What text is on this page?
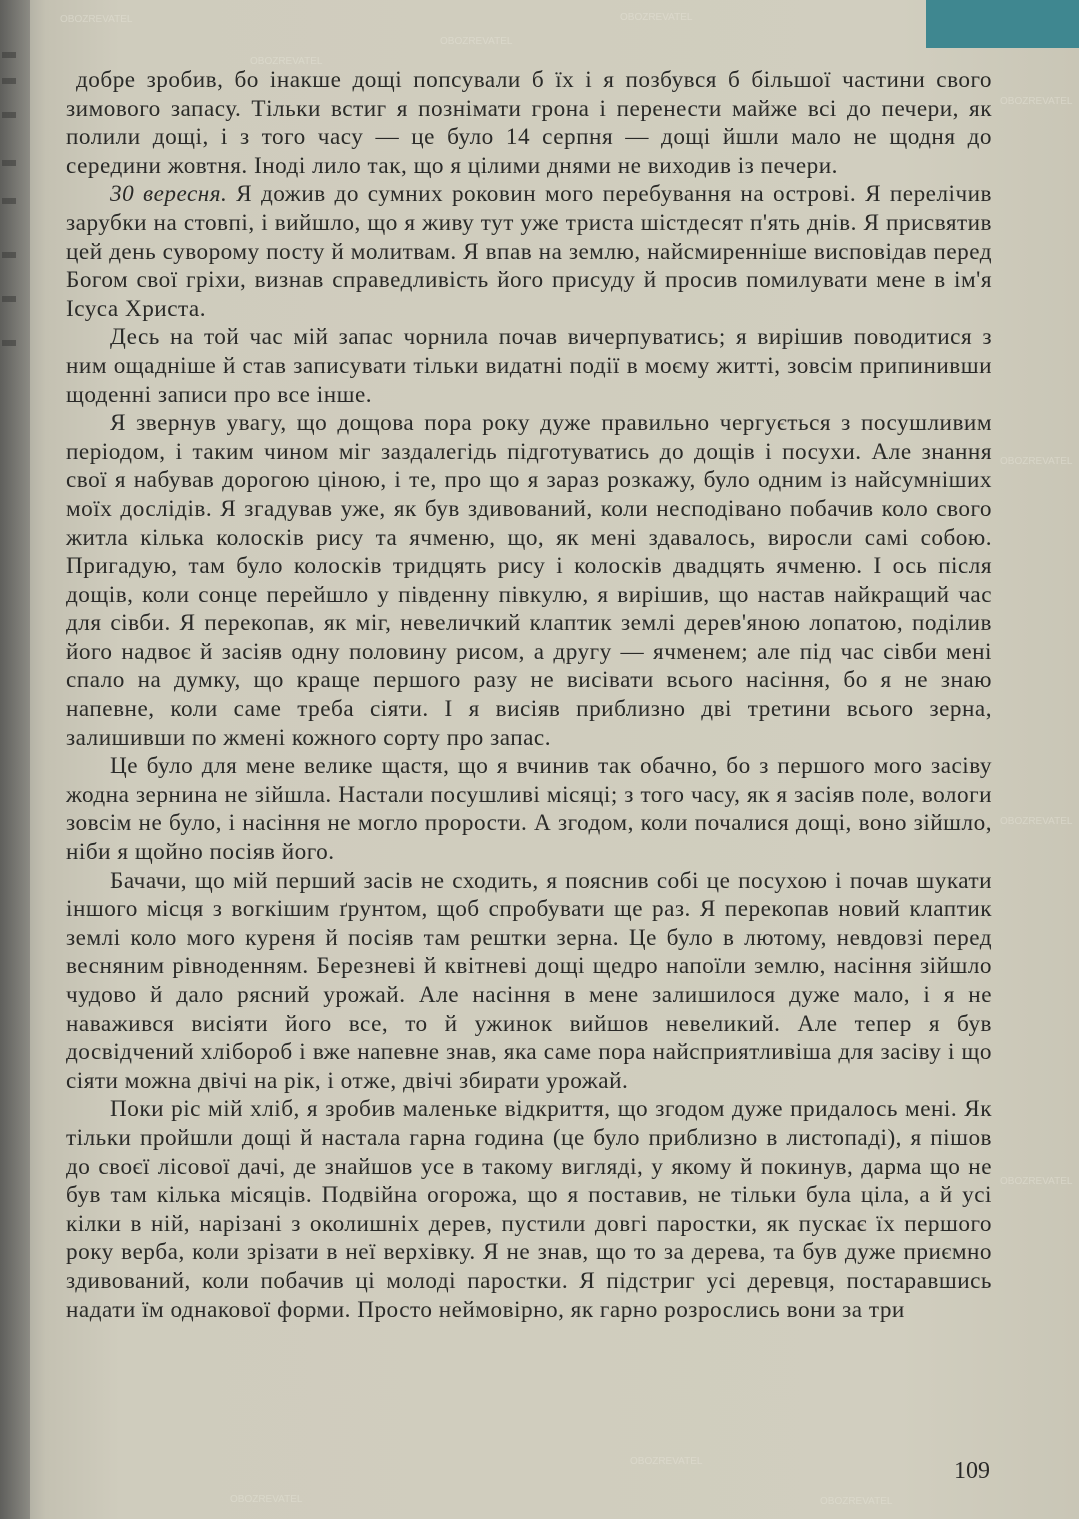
OBOZREVATEL
OBOZREVATEL
OBOZREVATEL
OBOZREVATEL
OBOZREVATEL
OBOZREVATEL
OBOZREVATEL
OBOZREVATEL
OBOZREVATEL
OBOZREVATEL
OBOZREVATEL

добре зробив, бо інакше дощі попсували б їх і я позбувся б більшої частини свого зимового запасу. Тільки встиг я познімати грона і перенести майже всі до печери, як полили дощі, і з того часу — це було 14 серпня — дощі йшли мало не щодня до середини жовтня. Іноді лило так, що я цілими днями не виходив із печери.

30 вересня. Я дожив до сумних роковин мого перебування на острові. Я перелічив зарубки на стовпі, і вийшло, що я живу тут уже триста шістдесят п'ять днів. Я присвятив цей день суворому посту й молитвам. Я впав на землю, найсмиренніше висповідав перед Богом свої гріхи, визнав справедливість його присуду й просив помилувати мене в ім'я Ісуса Христа.

Десь на той час мій запас чорнила почав вичерпуватись; я вирішив поводитися з ним ощадніше й став записувати тільки видатні події в моєму житті, зовсім припинивши щоденні записи про все інше.

Я звернув увагу, що дощова пора року дуже правильно чергується з посушливим періодом, і таким чином міг заздалегідь підготуватись до дощів і посухи. Але знання свої я набував дорогою ціною, і те, про що я зараз розкажу, було одним із найсумніших моїх дослідів. Я згадував уже, як був здивований, коли несподівано побачив коло свого житла кілька колосків рису та ячменю, що, як мені здавалось, виросли самі собою. Пригадую, там було колосків тридцять рису і колосків двадцять ячменю. І ось після дощів, коли сонце перейшло у південну півкулю, я вирішив, що настав найкращий час для сівби. Я перекопав, як міг, невеличкий клаптик землі дерев'яною лопатою, поділив його надвоє й засіяв одну половину рисом, а другу — ячменем; але під час сівби мені спало на думку, що краще першого разу не висівати всього насіння, бо я не знаю напевне, коли саме треба сіяти. І я висіяв приблизно дві третини всього зерна, залишивши по жмені кожного сорту про запас.

Це було для мене велике щастя, що я вчинив так обачно, бо з першого мого засіву жодна зернина не зійшла. Настали посушливі місяці; з того часу, як я засіяв поле, вологи зовсім не було, і насіння не могло прорости. А згодом, коли почалися дощі, воно зійшло, ніби я щойно посіяв його.

Бачачи, що мій перший засів не сходить, я пояснив собі це посухою і почав шукати іншого місця з вогкішим ґрунтом, щоб спробувати ще раз. Я перекопав новий клаптик землі коло мого куреня й посіяв там рештки зерна. Це було в лютому, невдовзі перед весняним рівноденням. Березневі й квітневі дощі щедро напоїли землю, насіння зійшло чудово й дало рясний урожай. Але насіння в мене залишилося дуже мало, і я не наважився висіяти його все, то й ужинок вийшов невеликий. Але тепер я був досвідчений хлібороб і вже напевне знав, яка саме пора найсприятливіша для засіву і що сіяти можна двічі на рік, і отже, двічі збирати урожай.

Поки ріс мій хліб, я зробив маленьке відкриття, що згодом дуже придалось мені. Як тільки пройшли дощі й настала гарна година (це було приблизно в листопаді), я пішов до своєї лісової дачі, де знайшов усе в такому вигляді, у якому й покинув, дарма що не був там кілька місяців. Подвійна огорожа, що я поставив, не тільки була ціла, а й усі кілки в ній, нарізані з околишніх дерев, пустили довгі паростки, як пускає їх першого року верба, коли зрізати в неї верхівку. Я не знав, що то за дерева, та був дуже приємно здивований, коли побачив ці молоді паростки. Я підстриг усі деревця, постаравшись надати їм однакової форми. Просто неймовірно, як гарно розрослись вони за три

109
